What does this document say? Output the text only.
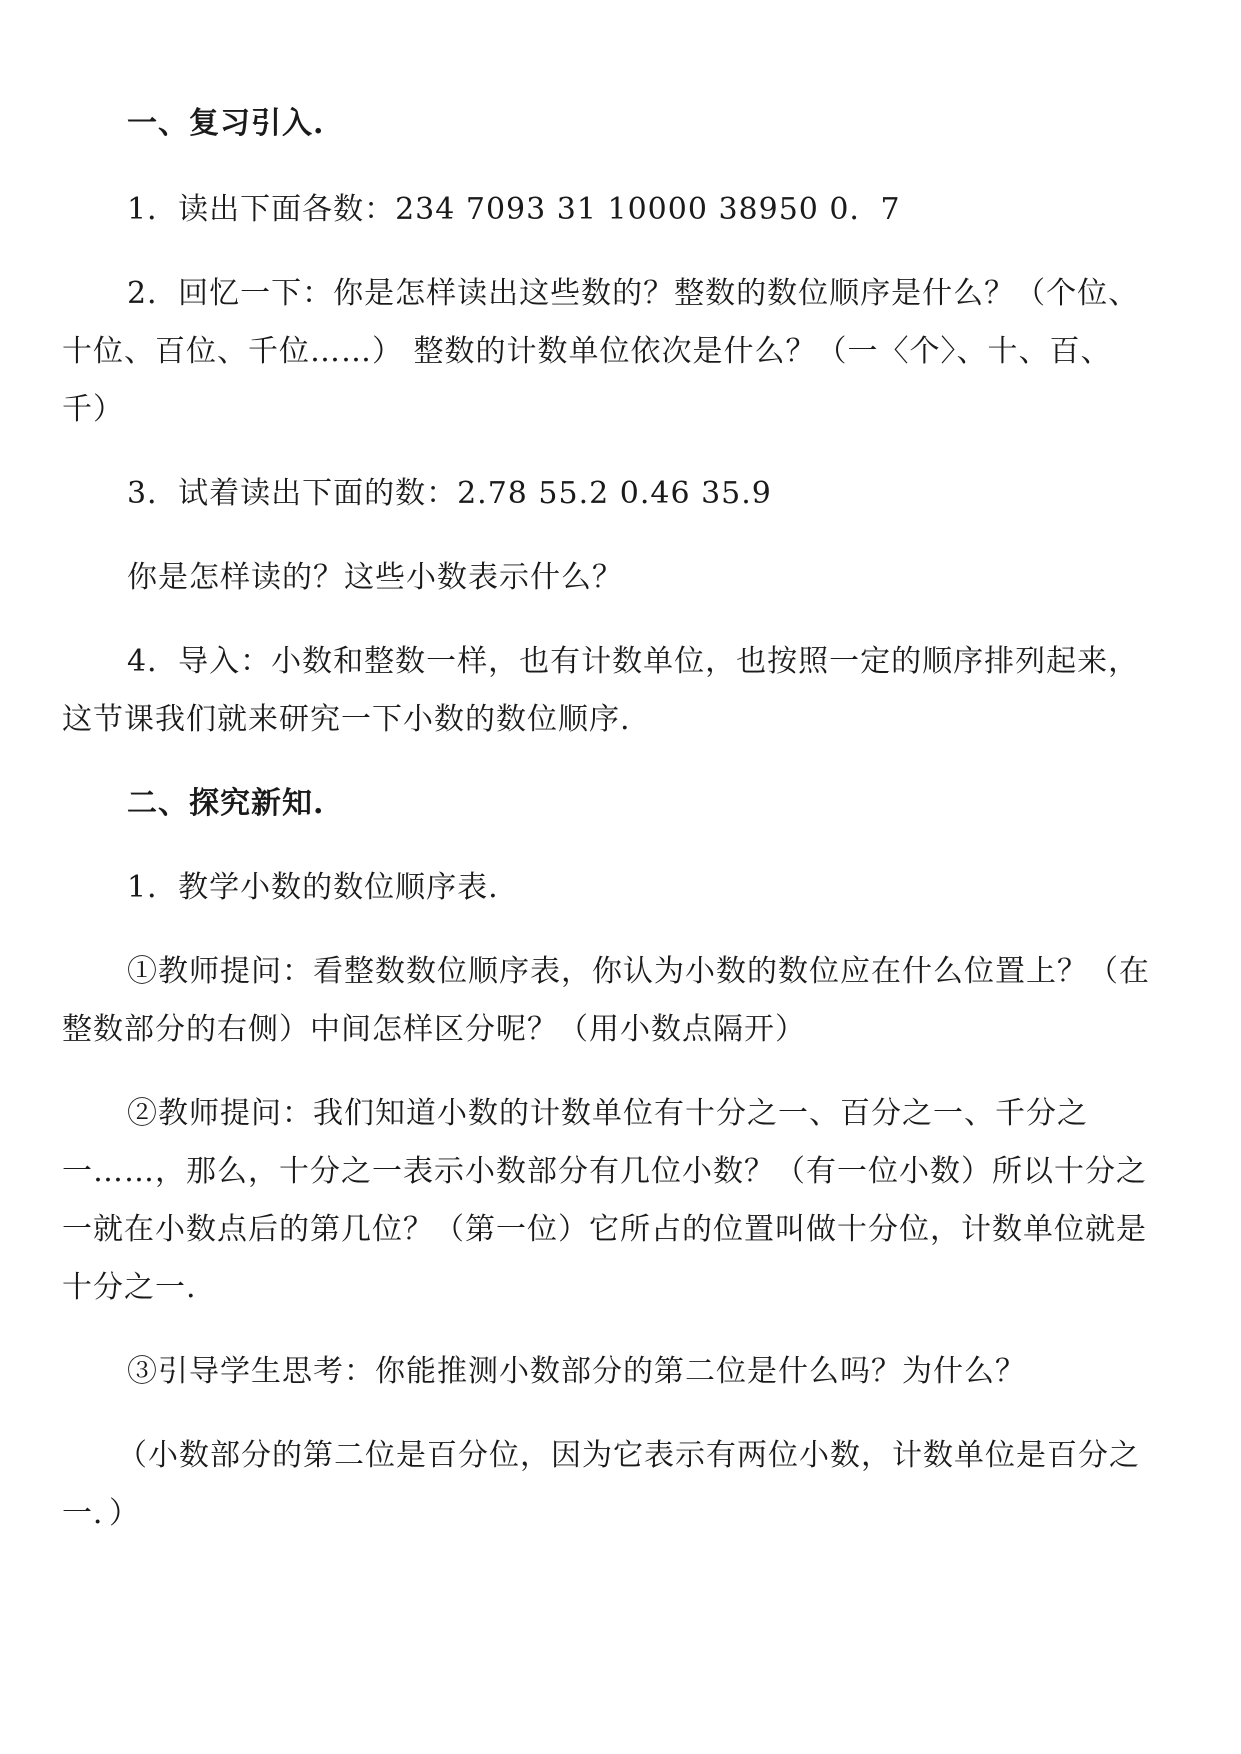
一、复习引入.
1．读出下面各数：234 7093 31 10000 38950 0．7
2．回忆一下：你是怎样读出这些数的？整数的数位顺序是什么？（个位、
十位、百位、千位……） 整数的计数单位依次是什么？（一〈个〉、十、百、
千）
3．试着读出下面的数：2.78 55.2 0.46 35.9
你是怎样读的？这些小数表示什么？
4．导入：小数和整数一样，也有计数单位，也按照一定的顺序排列起来，
这节课我们就来研究一下小数的数位顺序.
二、探究新知.
1．教学小数的数位顺序表.
①教师提问：看整数数位顺序表，你认为小数的数位应在什么位置上？（在
整数部分的右侧）中间怎样区分呢？（用小数点隔开）
②教师提问：我们知道小数的计数单位有十分之一、百分之一、千分之
一……，那么，十分之一表示小数部分有几位小数？（有一位小数）所以十分之
一就在小数点后的第几位？（第一位）它所占的位置叫做十分位，计数单位就是
十分之一.
③引导学生思考：你能推测小数部分的第二位是什么吗？为什么？
（小数部分的第二位是百分位，因为它表示有两位小数，计数单位是百分之
一．）
